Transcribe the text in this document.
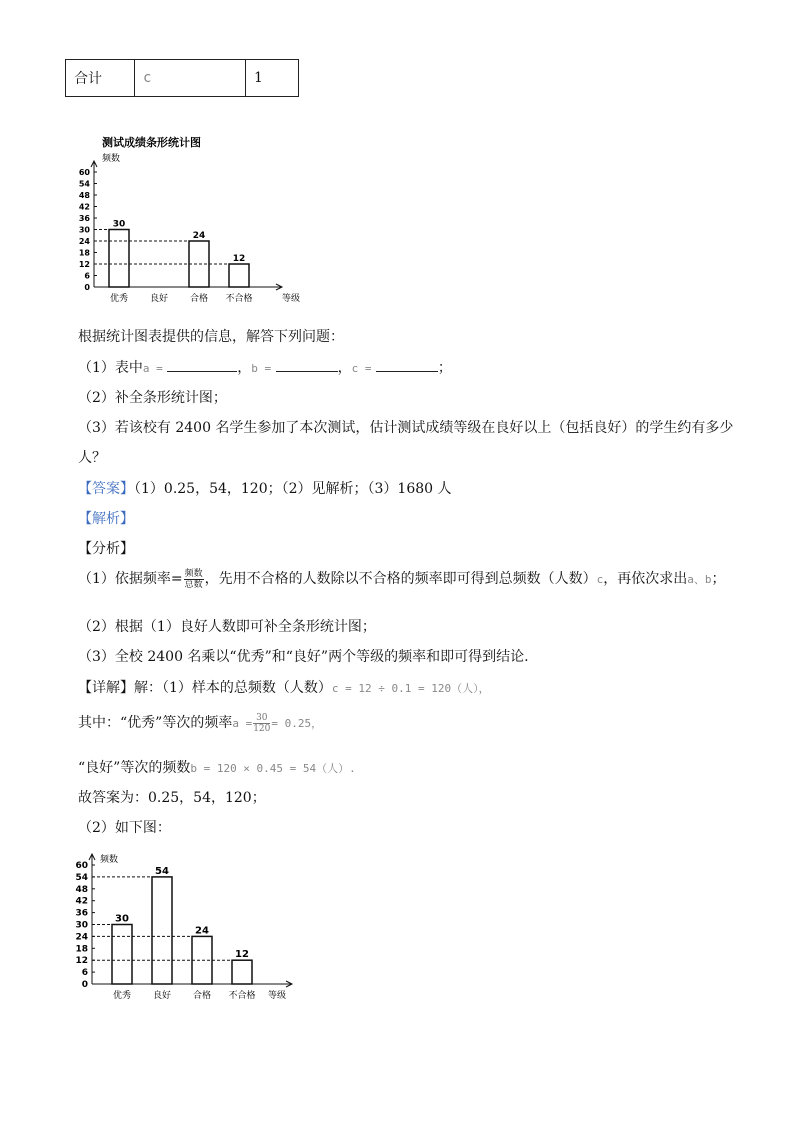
合计	c	1
测试成绩条形统计图
频数
0
6
12
18
24
30
36
42
48
54
60
等级
优秀
30
良好 合格
24
不合格
12
根据统计图表提供的信息，解答下列问题：
（1）表中a =	，b =	，c =	；
（2）补全条形统计图；
（3）若该校有 2400 名学生参加了本次测试，估计测试成绩等级在良好以上（包括良好）的学生约有多少
人？
【答案】（1）0.25，54，120；（2）见解析；（3）1680 人
【解析】
【分析】
（1）依据频率= $\frac{\text{频数}}{\text{总数}}$，先用不合格的人数除以不合格的频率即可得到总频数（人数）c，再依次求出a、b；
（2）根据（1）良好人数即可补全条形统计图；
（3）全校 2400 名乘以“优秀”和“良好”两个等级的频率和即可得到结论.
【详解】解：（1）样本的总频数（人数）c = 12 ÷ 0.1 = 120（人），
其中：“优秀”等次的频率$a = \frac{30}{120}= 0.25$，
“良好”等次的频数b = 120 × 0.45 = 54（人）.
故答案为：0.25，54，120；
（2）如下图：
频数
0
6
12
18
24
30
36
42
48
54
60
等级
优秀
30
良好
54
合格
24
不合格
12
